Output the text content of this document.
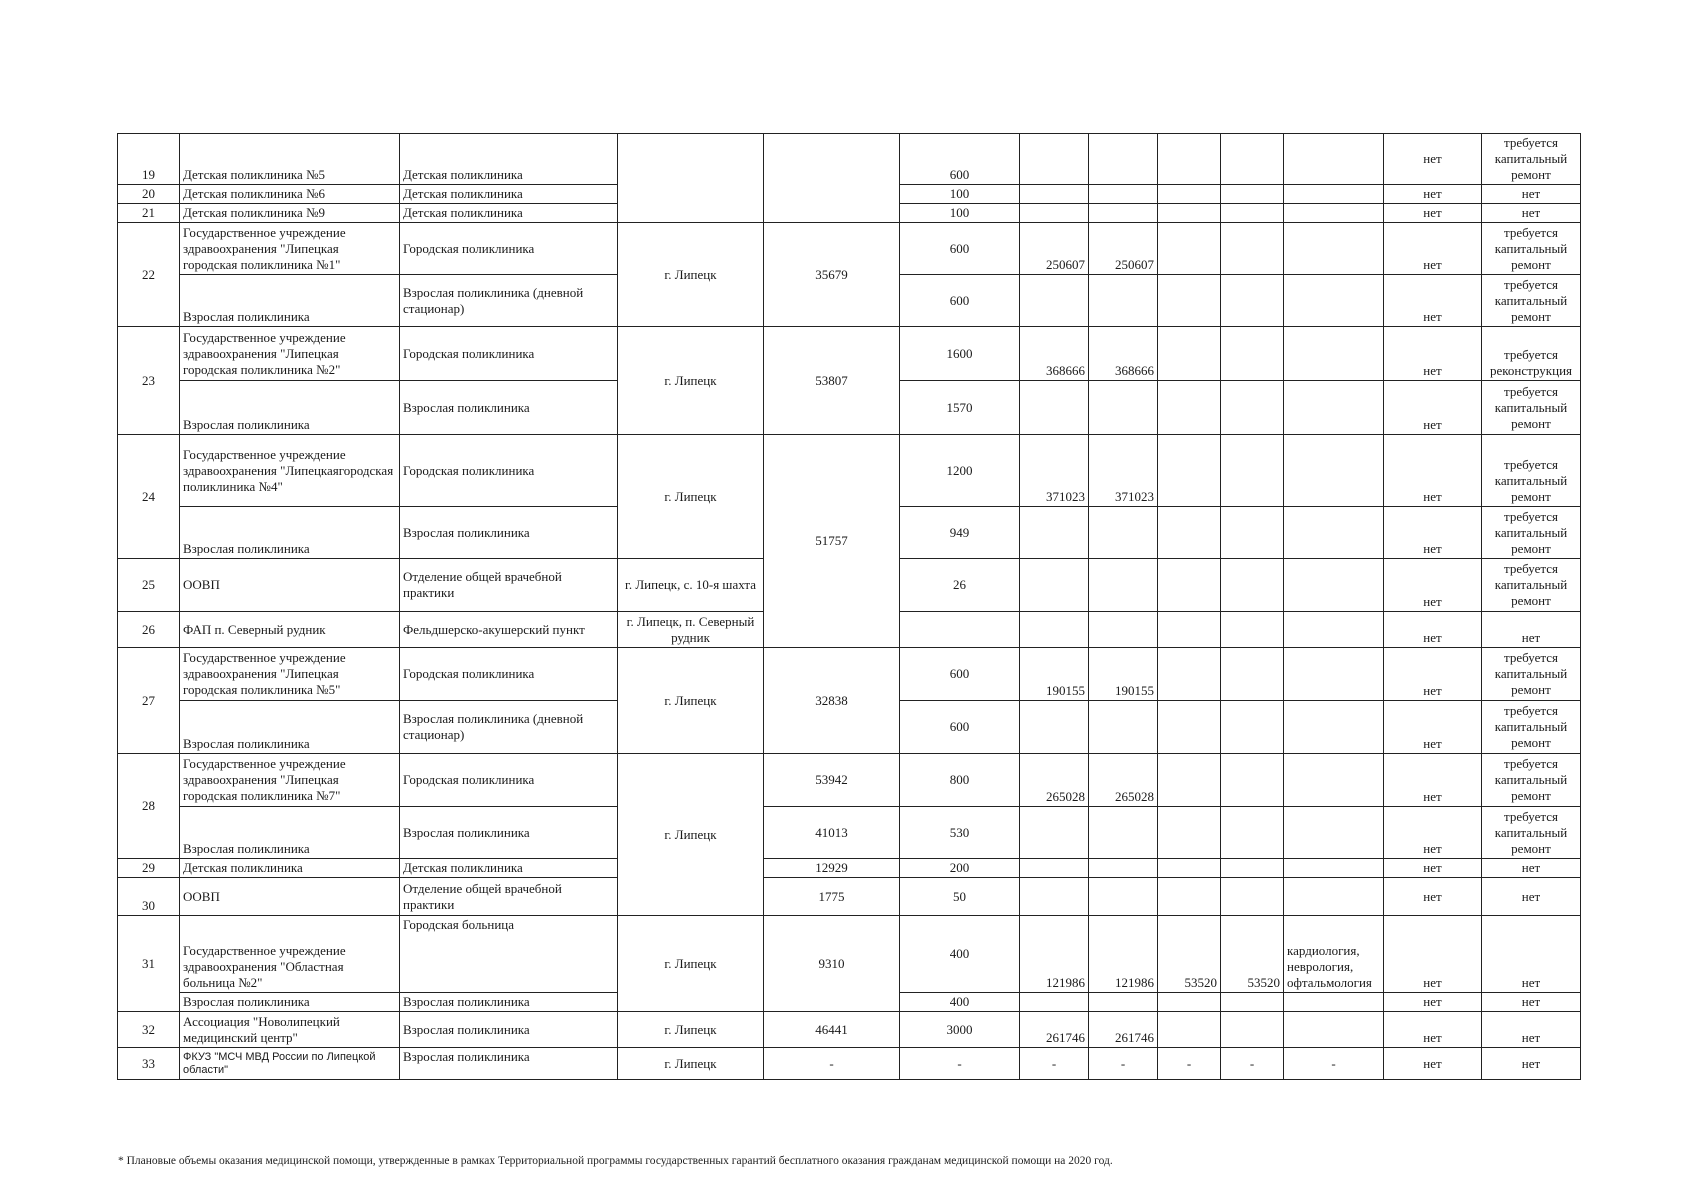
19	Детская поликлиника №5	Детская поликлиника			600						нет	требуется капитальный ремонт
20	Детская поликлиника №6	Детская поликлиника			100						нет	нет
21	Детская поликлиника №9	Детская поликлиника			100						нет	нет
22	Государственное учреждение здравоохранения "Липецкая городская поликлиника №1"	Городская поликлиника	г. Липецк	35679	600	250607	250607				нет	требуется капитальный ремонт
	Взрослая поликлиника	Взрослая поликлиника (дневной стационар)			600						нет	требуется капитальный ремонт
23	Государственное учреждение здравоохранения "Липецкая городская поликлиника №2"	Городская поликлиника	г. Липецк	53807	1600	368666	368666				нет	требуется реконструкция
	Взрослая поликлиника	Взрослая поликлиника			1570						нет	требуется капитальный ремонт
24	Государственное учреждение здравоохранения "Липецкаягородская поликлиника №4"	Городская поликлиника	г. Липецк	51757	1200	371023	371023				нет	требуется капитальный ремонт
	Взрослая поликлиника	Взрослая поликлиника			949						нет	требуется капитальный ремонт
25	ООВП	Отделение общей врачебной практики	г. Липецк, с. 10-я шахта		26						нет	требуется капитальный ремонт
26	ФАП п. Северный рудник	Фельдшерско-акушерский пункт	г. Липецк, п. Северный рудник								нет	нет
27	Государственное учреждение здравоохранения "Липецкая городская поликлиника №5"	Городская поликлиника	г. Липецк	32838	600	190155	190155				нет	требуется капитальный ремонт
	Взрослая поликлиника	Взрослая поликлиника (дневной стационар)			600						нет	требуется капитальный ремонт
28	Государственное учреждение здравоохранения "Липецкая городская поликлиника №7"	Городская поликлиника	г. Липецк	53942	800	265028	265028				нет	требуется капитальный ремонт
	Взрослая поликлиника	Взрослая поликлиника		41013	530						нет	требуется капитальный ремонт
29	Детская поликлиника	Детская поликлиника		12929	200						нет	нет
30	ООВП	Отделение общей врачебной практики		1775	50						нет	нет
31	Государственное учреждение здравоохранения "Областная больница №2"	Городская больница	г. Липецк	9310	400	121986	121986	53520	53520	кардиология, неврология, офтальмология	нет	нет
	Взрослая поликлиника	Взрослая поликлиника			400						нет	нет
32	Ассоциация "Новолипецкий медицинский центр"	Взрослая поликлиника	г. Липецк	46441	3000	261746	261746				нет	нет
33	ФКУЗ "МСЧ МВД России по Липецкой области"	Взрослая поликлиника	г. Липецк	-	-	-	-	-	-	-	нет	нет
* Плановые объемы оказания медицинской помощи, утвержденные в рамках Территориальной программы государственных гарантий бесплатного оказания гражданам медицинской помощи на 2020 год.
